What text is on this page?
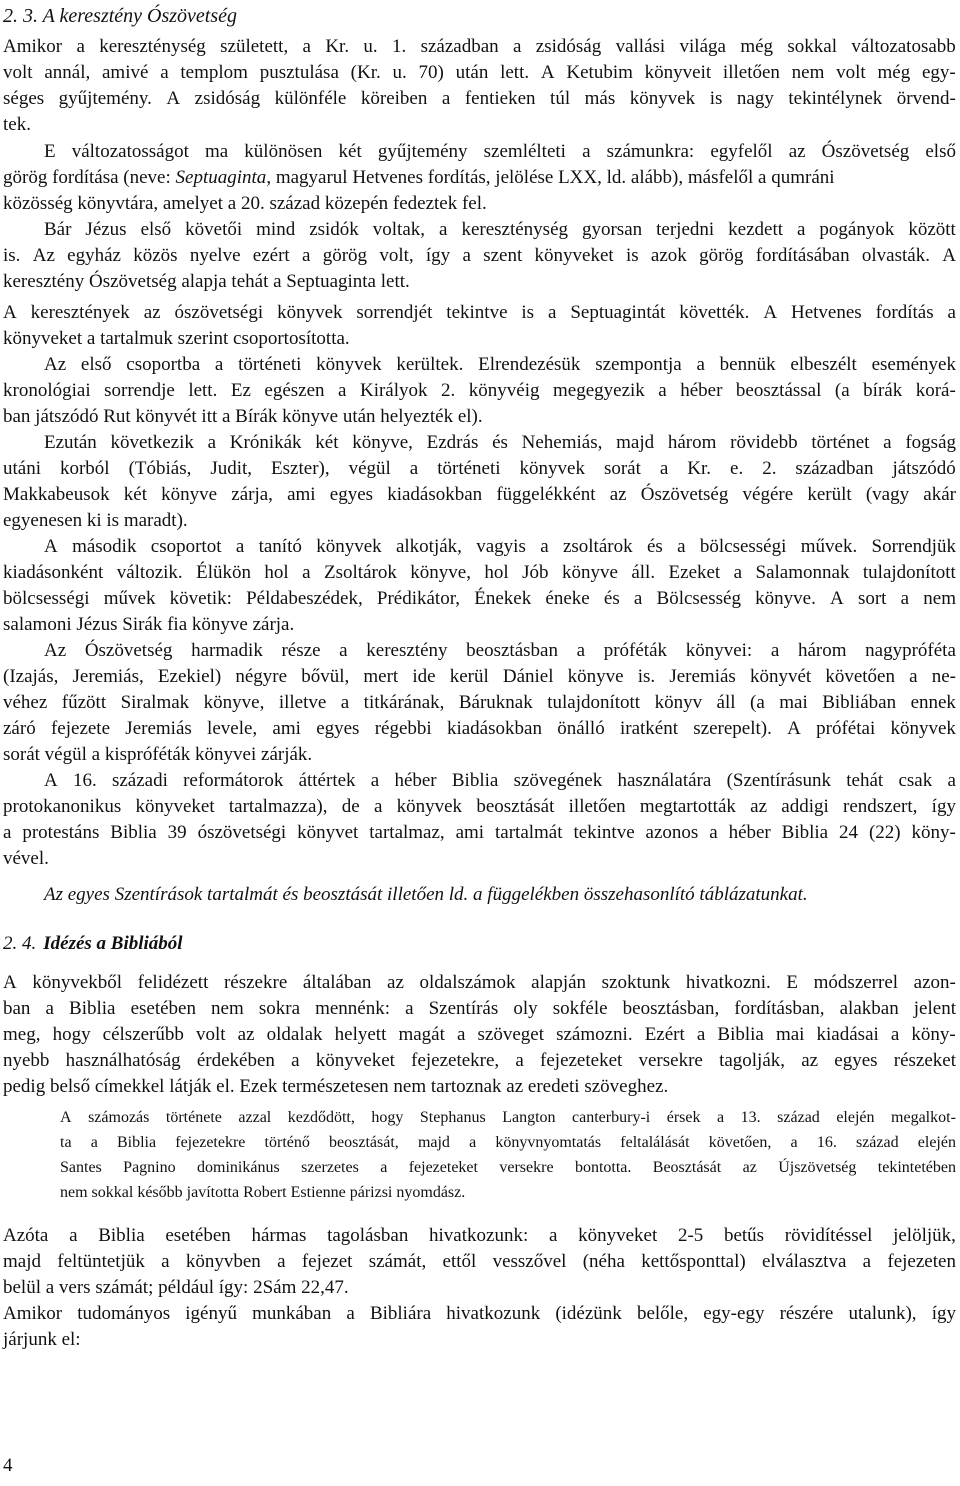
2. 3. A keresztény Ószövetség
Amikor a kereszténység született, a Kr. u. 1. században a zsidóság vallási világa még sokkal változatosabb
volt annál, amivé a templom pusztulása (Kr. u. 70) után lett. A Ketubim könyveit illetően nem volt még egy-
séges gyűjtemény. A zsidóság különféle köreiben a fentieken túl más könyvek is nagy tekintélynek örvend-
tek.
E változatosságot ma különösen két gyűjtemény szemlélteti a számunkra: egyfelől az Ószövetség első
görög fordítása (neve: Septuaginta, magyarul Hetvenes fordítás, jelölése LXX, ld. alább), másfelől a qumráni
közösség könyvtára, amelyet a 20. század közepén fedeztek fel.
Bár Jézus első követői mind zsidók voltak, a kereszténység gyorsan terjedni kezdett a pogányok között
is. Az egyház közös nyelve ezért a görög volt, így a szent könyveket is azok görög fordításában olvasták. A
keresztény Ószövetség alapja tehát a Septuaginta lett.
A keresztények az ószövetségi könyvek sorrendjét tekintve is a Septuagintát követték. A Hetvenes fordítás a
könyveket a tartalmuk szerint csoportosította.
Az első csoportba a történeti könyvek kerültek. Elrendezésük szempontja a bennük elbeszélt események
kronológiai sorrendje lett. Ez egészen a Királyok 2. könyvéig megegyezik a héber beosztással (a bírák korá-
ban játszódó Rut könyvét itt a Bírák könyve után helyezték el).
Ezután következik a Krónikák két könyve, Ezdrás és Nehemiás, majd három rövidebb történet a fogság
utáni korból (Tóbiás, Judit, Eszter), végül a történeti könyvek sorát a Kr. e. 2. században játszódó
Makkabeusok két könyve zárja, ami egyes kiadásokban függelékként az Ószövetség végére került (vagy akár
egyenesen ki is maradt).
A második csoportot a tanító könyvek alkotják, vagyis a zsoltárok és a bölcsességi művek. Sorrendjük
kiadásonként változik. Élükön hol a Zsoltárok könyve, hol Jób könyve áll. Ezeket a Salamonnak tulajdonított
bölcsességi művek követik: Példabeszédek, Prédikátor, Énekek éneke és a Bölcsesség könyve. A sort a nem
salamoni Jézus Sirák fia könyve zárja.
Az Ószövetség harmadik része a keresztény beosztásban a próféták könyvei: a három nagypróféta
(Izajás, Jeremiás, Ezekiel) négyre bővül, mert ide kerül Dániel könyve is. Jeremiás könyvét követően a ne-
véhez fűzött Siralmak könyve, illetve a titkárának, Báruknak tulajdonított könyv áll (a mai Bibliában ennek
záró fejezete Jeremiás levele, ami egyes régebbi kiadásokban önálló iratként szerepelt). A prófétai könyvek
sorát végül a kispróféták könyvei zárják.
A 16. századi reformátorok áttértek a héber Biblia szövegének használatára (Szentírásunk tehát csak a
protokanonikus könyveket tartalmazza), de a könyvek beosztását illetően megtartották az addigi rendszert, így
a protestáns Biblia 39 ószövetségi könyvet tartalmaz, ami tartalmát tekintve azonos a héber Biblia 24 (22) köny-
vével.
Az egyes Szentírások tartalmát és beosztását illetően ld. a függelékben összehasonlító táblázatunkat.
2. 4. Idézés a Bibliából
A könyvekből felidézett részekre általában az oldalszámok alapján szoktunk hivatkozni. E módszerrel azon-
ban a Biblia esetében nem sokra mennénk: a Szentírás oly sokféle beosztásban, fordításban, alakban jelent
meg, hogy célszerűbb volt az oldalak helyett magát a szöveget számozni. Ezért a Biblia mai kiadásai a köny-
nyebb használhatóság érdekében a könyveket fejezetekre, a fejezeteket versekre tagolják, az egyes részeket
pedig belső címekkel látják el. Ezek természetesen nem tartoznak az eredeti szöveghez.
A számozás története azzal kezdődött, hogy Stephanus Langton canterbury-i érsek a 13. század elején megalkot-
ta a Biblia fejezetekre történő beosztását, majd a könyvnyomtatás feltalálását követően, a 16. század elején
Santes Pagnino dominikánus szerzetes a fejezeteket versekre bontotta. Beosztását az Újszövetség tekintetében
nem sokkal később javította Robert Estienne párizsi nyomdász.
Azóta a Biblia esetében hármas tagolásban hivatkozunk: a könyveket 2-5 betűs rövidítéssel jelöljük,
majd feltüntetjük a könyvben a fejezet számát, ettől vesszővel (néha kettősponttal) elválasztva a fejezeten
belül a vers számát; például így: 2Sám 22,47.
Amikor tudományos igényű munkában a Bibliára hivatkozunk (idézünk belőle, egy-egy részére utalunk), így
járjunk el:
4
